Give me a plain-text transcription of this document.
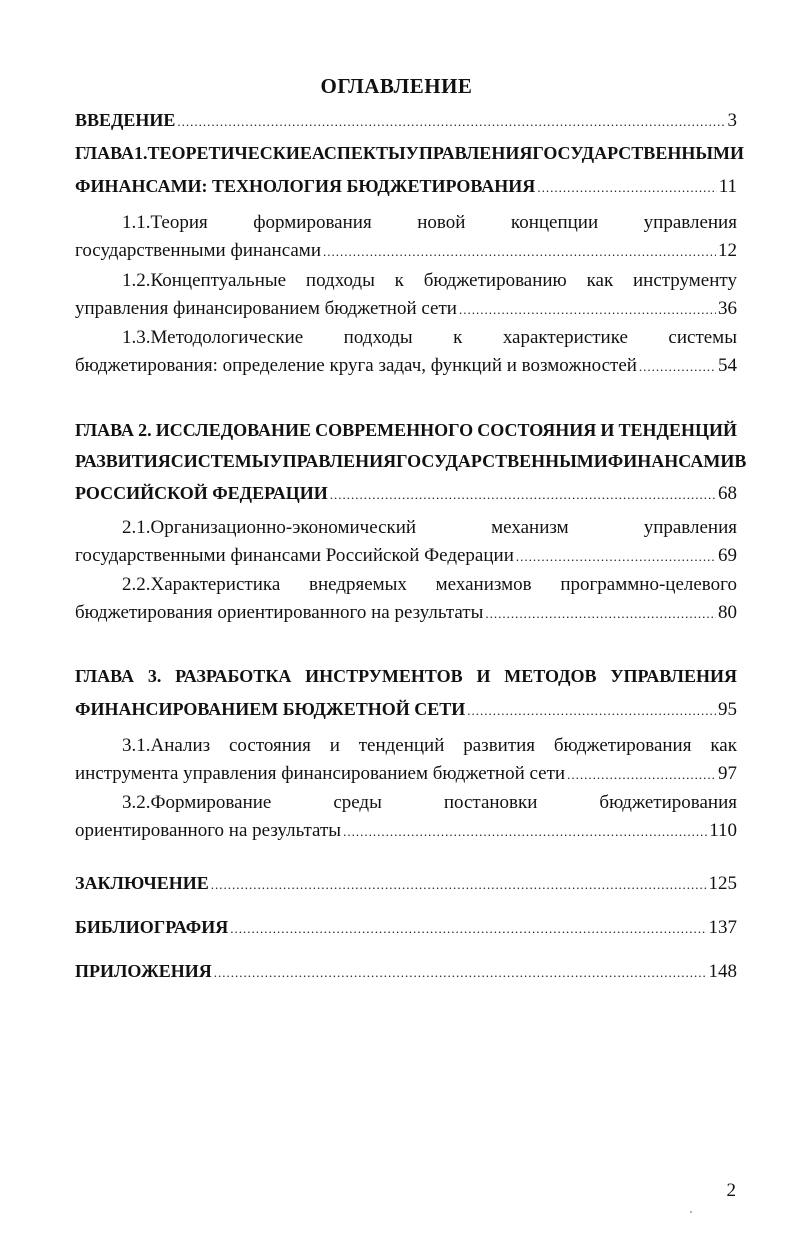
ОГЛАВЛЕНИЕ
ВВЕДЕНИЕ .....	3
ГЛАВА 1. ТЕОРЕТИЧЕСКИЕ АСПЕКТЫ УПРАВЛЕНИЯ ГОСУДАРСТВЕННЫМИ
ФИНАНСАМИ: ТЕХНОЛОГИЯ БЮДЖЕТИРОВАНИЯ .....	11
1.1.Теория формирования новой концепции управления
государственными финансами .....	12
1.2.Концептуальные подходы к бюджетированию как инструменту
управления финансированием бюджетной сети .....	36
1.3.Методологические подходы к характеристике системы
бюджетирования: определение круга задач, функций и возможностей .....	54
ГЛАВА 2. ИССЛЕДОВАНИЕ СОВРЕМЕННОГО СОСТОЯНИЯ И ТЕНДЕНЦИЙ
РАЗВИТИЯ СИСТЕМЫ УПРАВЛЕНИЯ ГОСУДАРСТВЕННЫМИ ФИНАНСАМИ В
РОССИЙСКОЙ ФЕДЕРАЦИИ .....	68
2.1.Организационно-экономический	механизм	управления
государственными финансами Российской Федерации .....	69
2.2.Характеристика внедряемых механизмов программно-целевого
бюджетирования ориентированного на результаты .....	80
ГЛАВА 3. РАЗРАБОТКА ИНСТРУМЕНТОВ И МЕТОДОВ УПРАВЛЕНИЯ
ФИНАНСИРОВАНИЕМ БЮДЖЕТНОЙ СЕТИ .....	95
3.1.Анализ состояния и тенденций развития бюджетирования как
инструмента управления финансированием бюджетной сети .....	97
3.2.Формирование	среды	постановки	бюджетирования
ориентированного на результаты .....	110
ЗАКЛЮЧЕНИЕ .....	125
БИБЛИОГРАФИЯ .....	137
ПРИЛОЖЕНИЯ .....	148
2
